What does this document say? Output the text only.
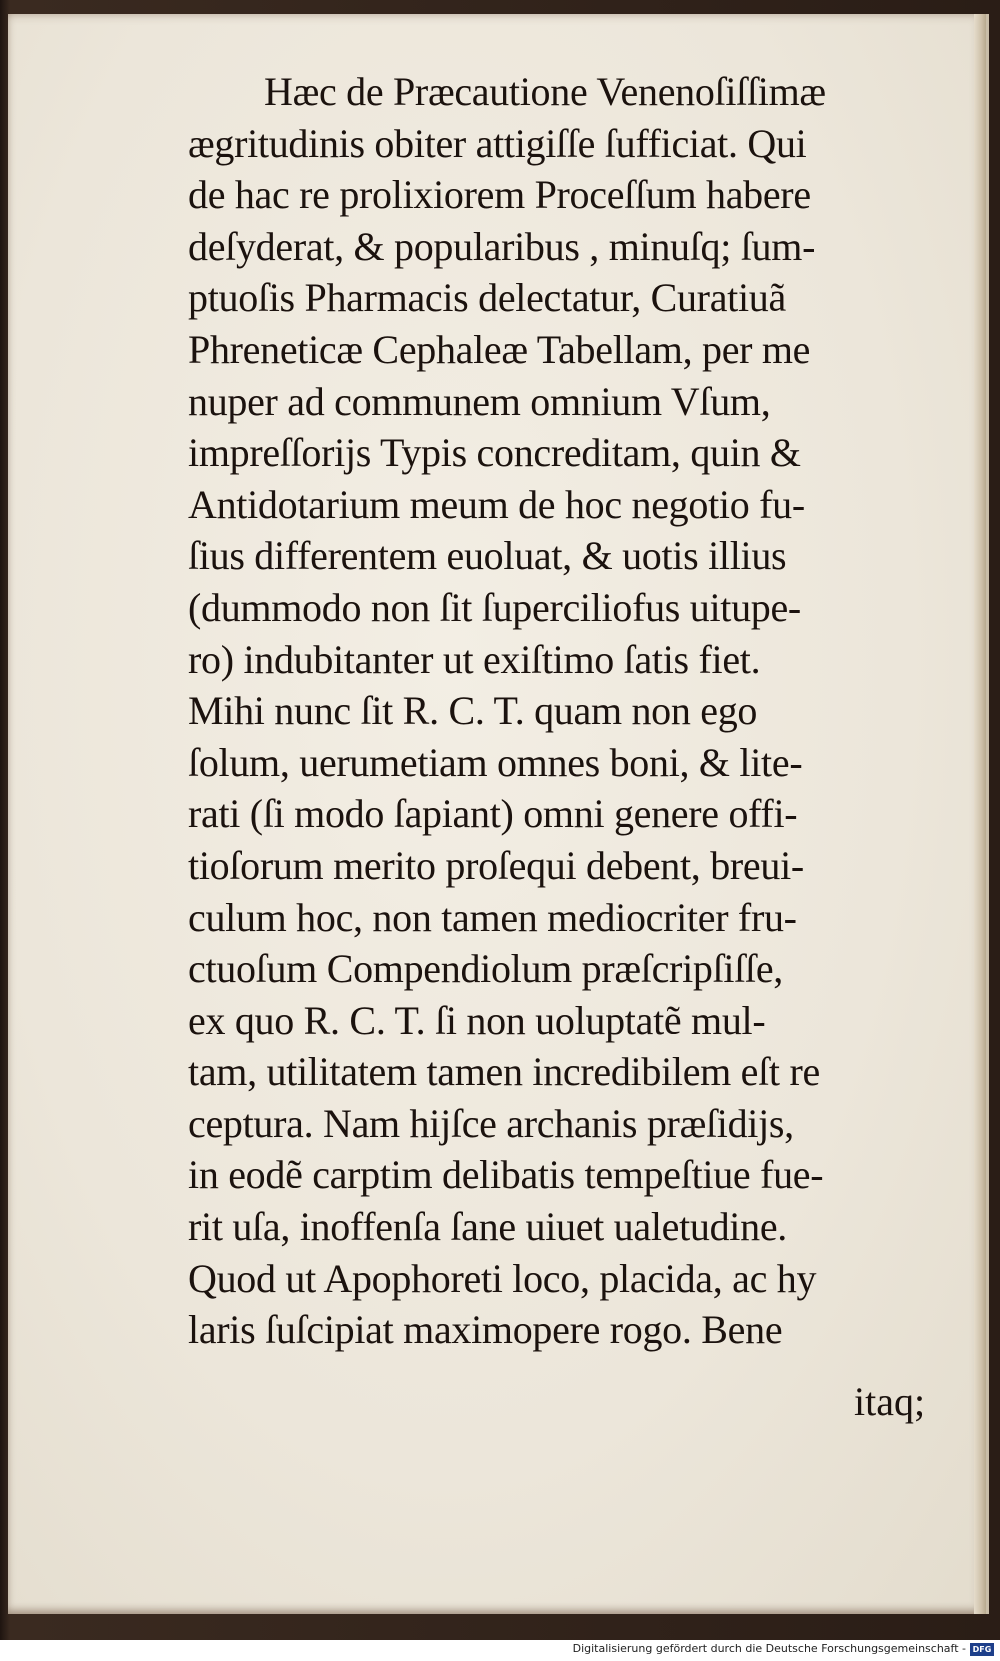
Hæc de Præcautione Venenoſiſſimæ
ægritudinis obiter attigiſſe ſufficiat. Qui
de hac re prolixiorem Proceſſum habere
deſyderat, & popularibus , minuſq; ſum-
ptuoſis Pharmacis delectatur, Curatiuã
Phreneticæ Cephaleæ Tabellam, per me
nuper ad communem omnium Vſum,
impreſſorijs Typis concreditam, quin &
Antidotarium meum de hoc negotio fu-
ſius differentem euoluat, & uotis illius
(dummodo non ſit ſuperciliofus uitupe-
ro) indubitanter ut exiſtimo ſatis fiet.
Mihi nunc ſit R. C. T. quam non ego
ſolum, uerumetiam omnes boni, & lite-
rati (ſi modo ſapiant) omni genere offi-
tioſorum merito proſequi debent, breui-
culum hoc, non tamen mediocriter fru-
ctuoſum Compendiolum præſcripſiſſe,
ex quo R. C. T. ſi non uoluptatẽ mul-
tam, utilitatem tamen incredibilem eſt re
ceptura. Nam hijſce archanis præſidijs,
in eodẽ carptim delibatis tempeſtiue fue-
rit uſa, inoffenſa ſane uiuet ualetudine.
Quod ut Apophoreti loco, placida, ac hy
laris ſuſcipiat maximopere rogo. Bene
itaq;
Digitalisierung gefördert durch die Deutsche Forschungsgemeinschaft - DFG
